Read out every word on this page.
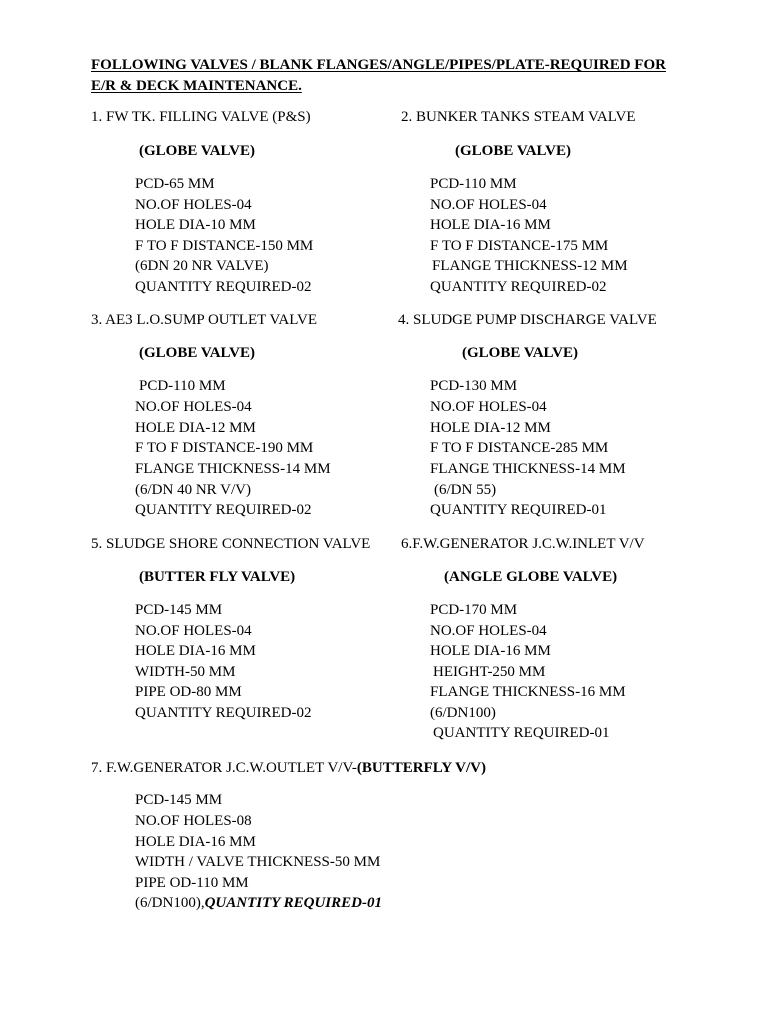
FOLLOWING VALVES / BLANK FLANGES/ANGLE/PIPES/PLATE-REQUIRED FOR
E/R & DECK MAINTENANCE.
1. FW TK. FILLING VALVE (P&S)
(GLOBE VALVE)
PCD-65 MM
NO.OF HOLES-04
HOLE DIA-10 MM
F TO F DISTANCE-150 MM
(6DN 20 NR VALVE)
QUANTITY REQUIRED-02
2. BUNKER TANKS STEAM VALVE
(GLOBE VALVE)
PCD-110 MM
NO.OF HOLES-04
HOLE DIA-16 MM
F TO F DISTANCE-175 MM
FLANGE THICKNESS-12 MM
QUANTITY REQUIRED-02
3. AE3 L.O.SUMP OUTLET VALVE
(GLOBE VALVE)
PCD-110 MM
NO.OF HOLES-04
HOLE DIA-12 MM
F TO F DISTANCE-190 MM
FLANGE THICKNESS-14 MM
(6/DN 40 NR V/V)
QUANTITY REQUIRED-02
4. SLUDGE PUMP DISCHARGE VALVE
(GLOBE VALVE)
PCD-130 MM
NO.OF HOLES-04
HOLE DIA-12 MM
F TO F DISTANCE-285 MM
FLANGE THICKNESS-14 MM
(6/DN 55)
QUANTITY REQUIRED-01
5. SLUDGE SHORE CONNECTION VALVE
(BUTTER FLY VALVE)
PCD-145 MM
NO.OF HOLES-04
HOLE DIA-16 MM
WIDTH-50 MM
PIPE OD-80 MM
QUANTITY REQUIRED-02
6.F.W.GENERATOR J.C.W.INLET V/V
(ANGLE GLOBE VALVE)
PCD-170 MM
NO.OF HOLES-04
HOLE DIA-16 MM
HEIGHT-250 MM
FLANGE THICKNESS-16 MM
(6/DN100)
QUANTITY REQUIRED-01
7. F.W.GENERATOR J.C.W.OUTLET V/V-(BUTTERFLY V/V)
PCD-145 MM
NO.OF HOLES-08
HOLE DIA-16 MM
WIDTH / VALVE THICKNESS-50 MM
PIPE OD-110 MM
(6/DN100),QUANTITY REQUIRED-01
